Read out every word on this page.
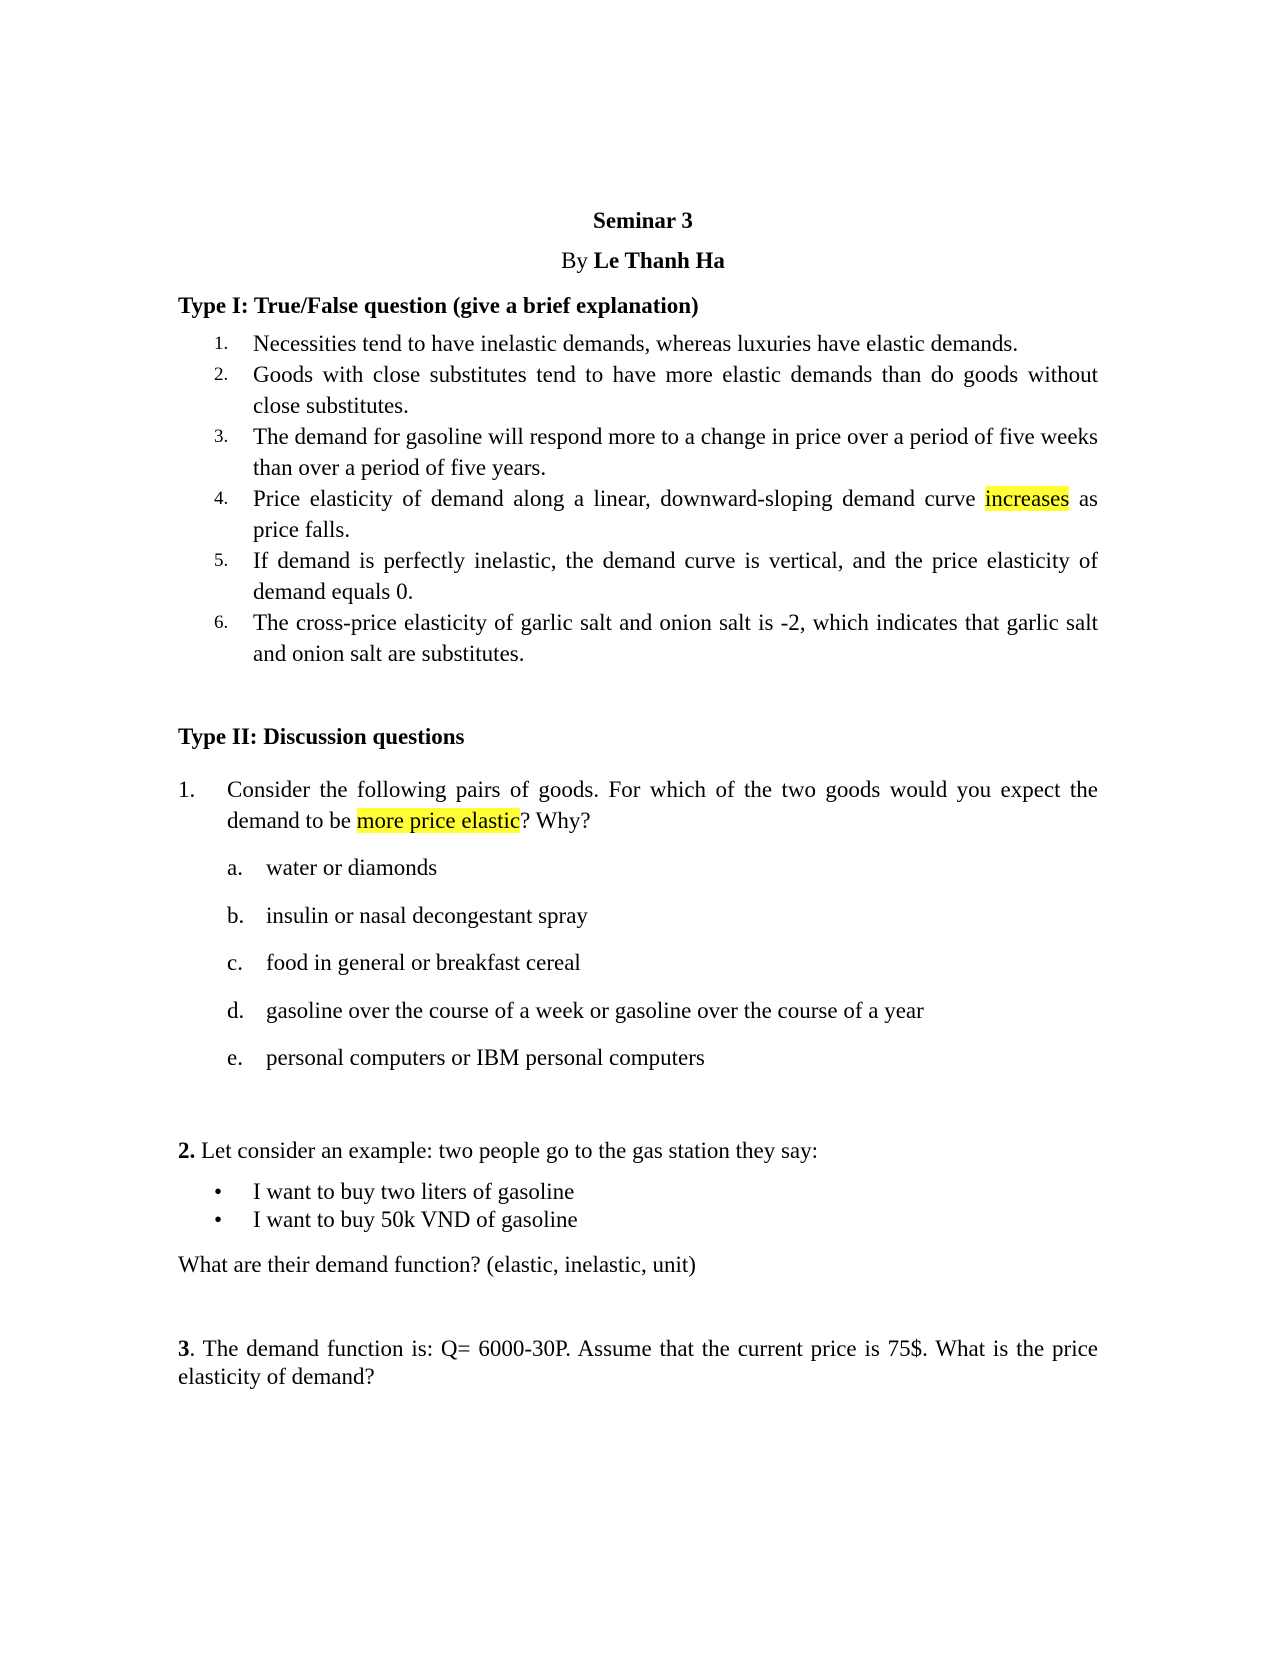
Seminar 3
By Le Thanh Ha
Type I: True/False question (give a brief explanation)
1. Necessities tend to have inelastic demands, whereas luxuries have elastic demands.
2. Goods with close substitutes tend to have more elastic demands than do goods without close substitutes.
3. The demand for gasoline will respond more to a change in price over a period of five weeks than over a period of five years.
4. Price elasticity of demand along a linear, downward-sloping demand curve increases as price falls.
5. If demand is perfectly inelastic, the demand curve is vertical, and the price elasticity of demand equals 0.
6. The cross-price elasticity of garlic salt and onion salt is -2, which indicates that garlic salt and onion salt are substitutes.
Type II: Discussion questions
1. Consider the following pairs of goods. For which of the two goods would you expect the demand to be more price elastic? Why?
a. water or diamonds
b. insulin or nasal decongestant spray
c. food in general or breakfast cereal
d. gasoline over the course of a week or gasoline over the course of a year
e. personal computers or IBM personal computers
2. Let consider an example: two people go to the gas station they say:
• I want to buy two liters of gasoline
• I want to buy 50k VND of gasoline
What are their demand function? (elastic, inelastic, unit)
3. The demand function is: Q= 6000-30P. Assume that the current price is 75$. What is the price elasticity of demand?
